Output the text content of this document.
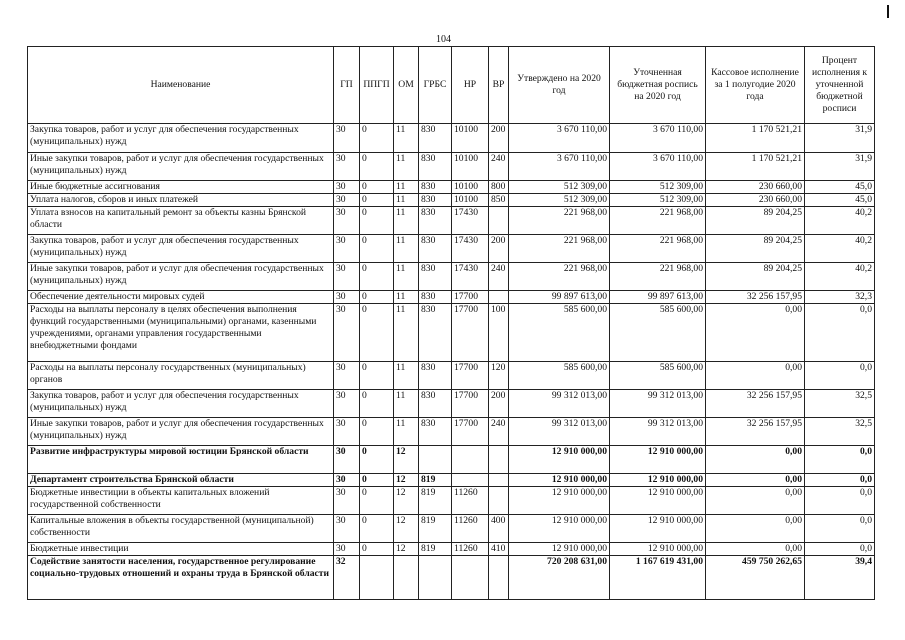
104
Наименование	ГП	ППГП	ОМ	ГРБС	НР	ВР	Утверждено на 2020 год	Уточненная бюджетная роспись на 2020 год	Кассовое исполнение за 1 полугодие 2020 года	Процент исполнения к уточненной бюджетной росписи
Закупка товаров, работ и услуг для обеспечения государственных (муниципальных) нужд	30	0	11	830	10100	200	3 670 110,00	3 670 110,00	1 170 521,21	31,9
Иные закупки товаров, работ и услуг для обеспечения государственных (муниципальных) нужд	30	0	11	830	10100	240	3 670 110,00	3 670 110,00	1 170 521,21	31,9
Иные бюджетные ассигнования	30	0	11	830	10100	800	512 309,00	512 309,00	230 660,00	45,0
Уплата налогов, сборов и иных платежей	30	0	11	830	10100	850	512 309,00	512 309,00	230 660,00	45,0
Уплата взносов на капитальный ремонт за объекты казны Брянской области	30	0	11	830	17430		221 968,00	221 968,00	89 204,25	40,2
Закупка товаров, работ и услуг для обеспечения государственных (муниципальных) нужд	30	0	11	830	17430	200	221 968,00	221 968,00	89 204,25	40,2
Иные закупки товаров, работ и услуг для обеспечения государственных (муниципальных) нужд	30	0	11	830	17430	240	221 968,00	221 968,00	89 204,25	40,2
Обеспечение деятельности мировых судей	30	0	11	830	17700		99 897 613,00	99 897 613,00	32 256 157,95	32,3
Расходы на выплаты персоналу в целях обеспечения выполнения функций государственными (муниципальными) органами, казенными учреждениями, органами управления государственными внебюджетными фондами	30	0	11	830	17700	100	585 600,00	585 600,00	0,00	0,0
Расходы на выплаты персоналу государственных (муниципальных) органов	30	0	11	830	17700	120	585 600,00	585 600,00	0,00	0,0
Закупка товаров, работ и услуг для обеспечения государственных (муниципальных) нужд	30	0	11	830	17700	200	99 312 013,00	99 312 013,00	32 256 157,95	32,5
Иные закупки товаров, работ и услуг для обеспечения государственных (муниципальных) нужд	30	0	11	830	17700	240	99 312 013,00	99 312 013,00	32 256 157,95	32,5
Развитие инфраструктуры мировой юстиции Брянской области	30	0	12				12 910 000,00	12 910 000,00	0,00	0,0
Департамент строительства Брянской области	30	0	12	819			12 910 000,00	12 910 000,00	0,00	0,0
Бюджетные инвестиции в объекты капитальных вложений государственной собственности	30	0	12	819	11260		12 910 000,00	12 910 000,00	0,00	0,0
Капитальные вложения в объекты государственной (муниципальной) собственности	30	0	12	819	11260	400	12 910 000,00	12 910 000,00	0,00	0,0
Бюджетные инвестиции	30	0	12	819	11260	410	12 910 000,00	12 910 000,00	0,00	0,0
Содействие занятости населения, государственное регулирование социально-трудовых отношений и охраны труда в Брянской области	32						720 208 631,00	1 167 619 431,00	459 750 262,65	39,4
